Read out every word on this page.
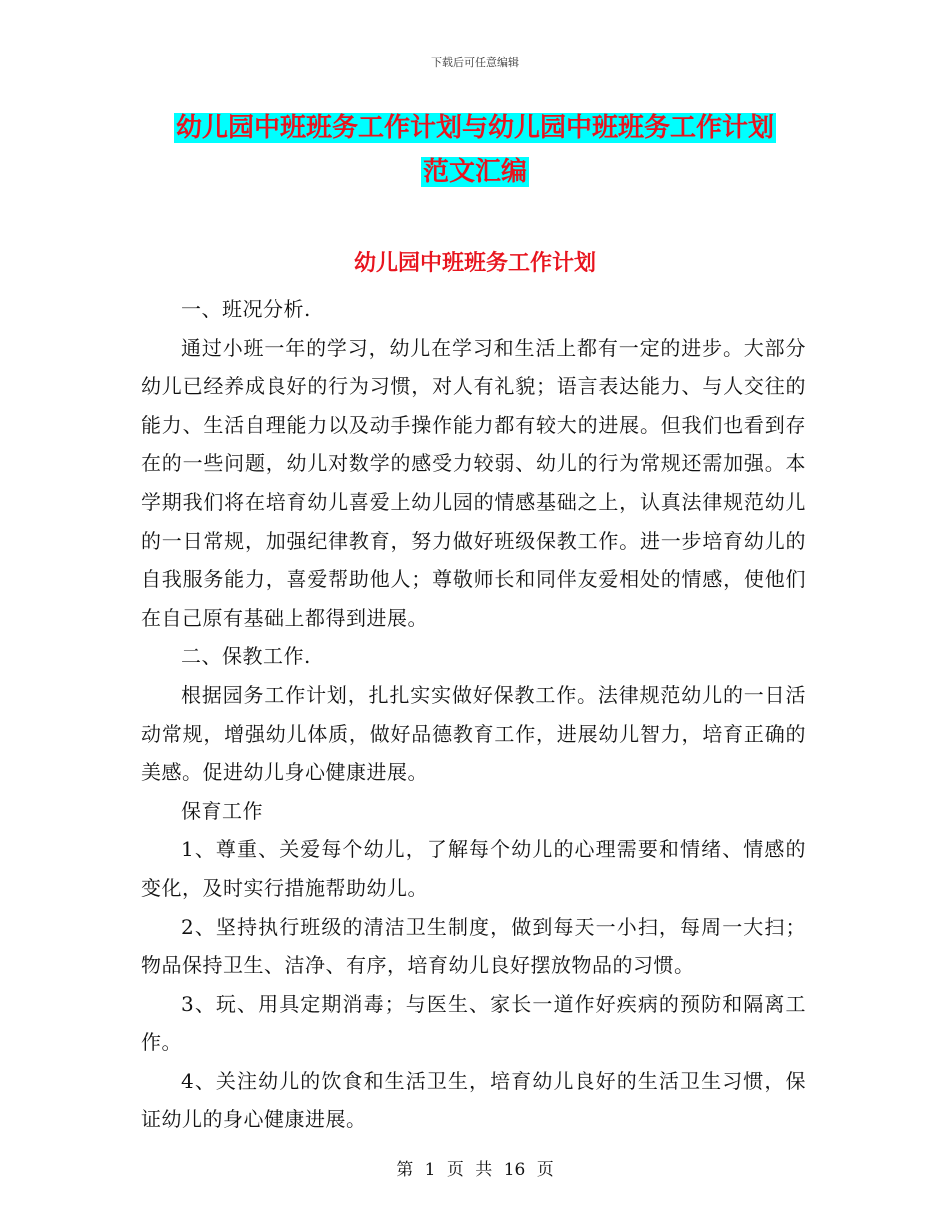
下载后可任意编辑
幼儿园中班班务工作计划与幼儿园中班班务工作计划
范文汇编
幼儿园中班班务工作计划

一、班况分析.

通过小班一年的学习，幼儿在学习和生活上都有一定的进步。大部分幼儿已经养成良好的行为习惯，对人有礼貌；语言表达能力、与人交往的能力、生活自理能力以及动手操作能力都有较大的进展。但我们也看到存在的一些问题，幼儿对数学的感受力较弱、幼儿的行为常规还需加强。本学期我们将在培育幼儿喜爱上幼儿园的情感基础之上，认真法律规范幼儿的一日常规，加强纪律教育，努力做好班级保教工作。进一步培育幼儿的自我服务能力，喜爱帮助他人；尊敬师长和同伴友爱相处的情感，使他们在自己原有基础上都得到进展。

二、保教工作.

根据园务工作计划，扎扎实实做好保教工作。法律规范幼儿的一日活动常规，增强幼儿体质，做好品德教育工作，进展幼儿智力，培育正确的美感。促进幼儿身心健康进展。

保育工作

1、尊重、关爱每个幼儿，了解每个幼儿的心理需要和情绪、情感的变化，及时实行措施帮助幼儿。

2、坚持执行班级的清洁卫生制度，做到每天一小扫，每周一大扫；物品保持卫生、洁净、有序，培育幼儿良好摆放物品的习惯。

3、玩、用具定期消毒；与医生、家长一道作好疾病的预防和隔离工作。

4、关注幼儿的饮食和生活卫生，培育幼儿良好的生活卫生习惯，保证幼儿的身心健康进展。

第 1 页 共 16 页
